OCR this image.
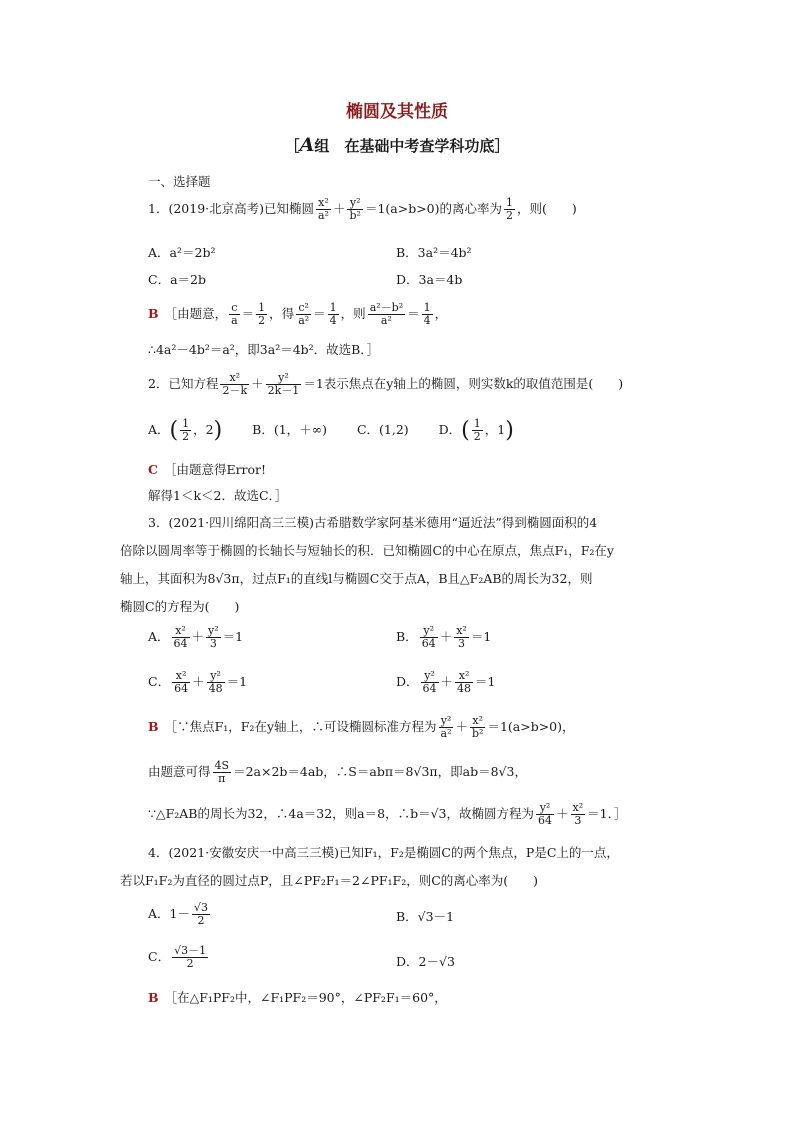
椭圆及其性质
［A组　在基础中考查学科功底］
一、选择题
1．(2019·北京高考)已知椭圆 $\frac{\text{x²}}{\text{a²}} + \frac{\text{y²}}{\text{b²}} =1(a>b>0)$的离心率为 $\frac{1}{2}$ ，则(　　)
A．a²＝2b²	B．3a²＝4b²
C．a＝2b	D．3a＝4b
B ［由题意， $\frac{c}{a} = \frac{1}{2}$ ，得 $\frac{\text{c²}}{\text{a²}} = \frac{1}{4}$ ，则 $\frac{\text{a²－b²}}{\text{a²}} = \frac{1}{4}$ ，
∴4a²－4b²＝a²，即3a²＝4b²．故选B．］
2．已知方程 $\frac{\text{x²}}{2-k} + \frac{\text{y²}}{2k-1} =1$表示焦点在y轴上的椭圆，则实数k的取值范围是(　　)
A．( $\frac{1}{2}$ ，2) B．(1，＋∞) C．(1,2) D．( $\frac{1}{2}$ ，1)
C ［由题意得Error!
解得1＜k＜2．故选C．］
3．(2021·四川绵阳高三三模)古希腊数学家阿基米德用“逼近法”得到椭圆面积的4
倍除以圆周率等于椭圆的长轴长与短轴长的积．已知椭圆C的中心在原点，焦点F₁，F₂在y
轴上，其面积为8√3π，过点F₁的直线l与椭圆C交于点A，B且△F₂AB的周长为32，则
椭圆C的方程为(　　)
A． $\frac{\text{x²}}{64} + \frac{\text{y²}}{3} =1$	B． $\frac{\text{y²}}{64} + \frac{\text{x²}}{3} =1$
C． $\frac{\text{x²}}{64} + \frac{\text{y²}}{48} =1$	D． $\frac{\text{y²}}{64} + \frac{\text{x²}}{48} =1$
B ［∵焦点F₁，F₂在y轴上，∴可设椭圆标准方程为 $\frac{\text{y²}}{\text{a²}} + \frac{\text{x²}}{\text{b²}} =1(a>b>0)$，
由题意可得 $\frac{4S}{\pi} =2a\times 2b=4ab$，∴S＝abπ＝8√3π，即ab＝8√3，
∵△F₂AB的周长为32，∴4a＝32，则a＝8，∴b＝√3，故椭圆方程为 $\frac{\text{y²}}{64} + \frac{\text{x²}}{3} =1$．］
4．(2021·安徽安庆一中高三三模)已知F₁，F₂是椭圆C的两个焦点，P是C上的一点，
若以F₁F₂为直径的圆过点P，且∠PF₂F₁＝2∠PF₁F₂，则C的离心率为(　　)
A．$1- \frac{√3}{2}$	B．√3－1
C． $\frac{√3-1}{2}$	D．2－√3
B ［在△F₁PF₂中，∠F₁PF₂＝90°，∠PF₂F₁＝60°，
